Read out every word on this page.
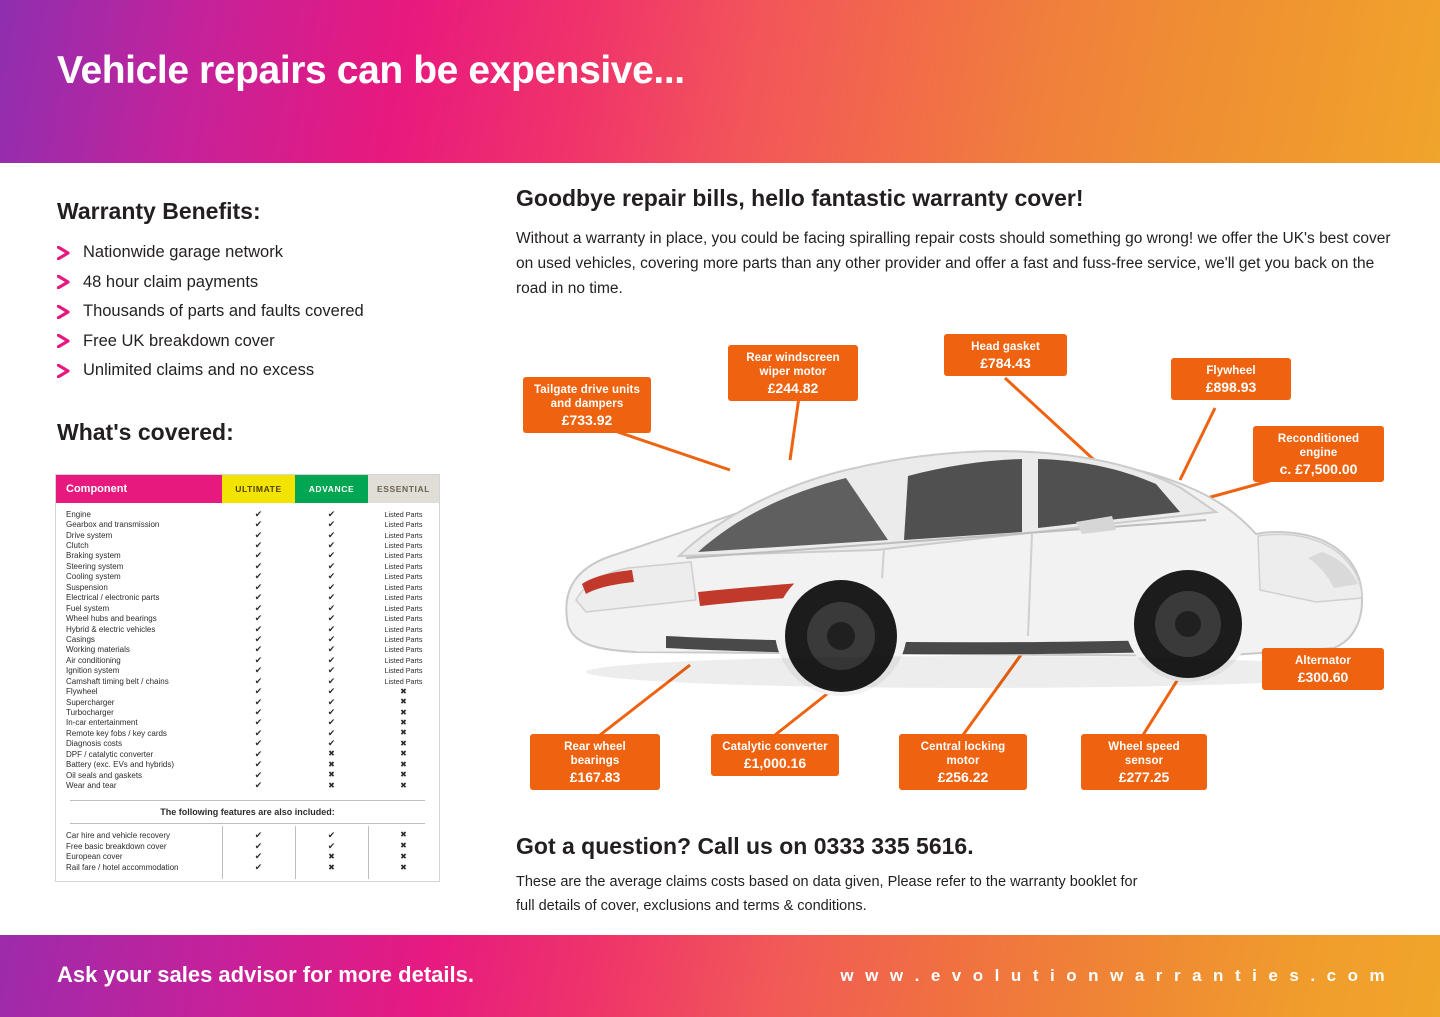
Vehicle repairs can be expensive...
Warranty Benefits:
Nationwide garage network
48 hour claim payments
Thousands of parts and faults covered
Free UK breakdown cover
Unlimited claims and no excess
What's covered:
Component	ULTIMATE	ADVANCE	ESSENTIAL
Engine	✔	✔	Listed Parts
Gearbox and transmission	✔	✔	Listed Parts
Drive system	✔	✔	Listed Parts
Clutch	✔	✔	Listed Parts
Braking system	✔	✔	Listed Parts
Steering system	✔	✔	Listed Parts
Cooling system	✔	✔	Listed Parts
Suspension	✔	✔	Listed Parts
Electrical / electronic parts	✔	✔	Listed Parts
Fuel system	✔	✔	Listed Parts
Wheel hubs and bearings	✔	✔	Listed Parts
Hybrid & electric vehicles	✔	✔	Listed Parts
Casings	✔	✔	Listed Parts
Working materials	✔	✔	Listed Parts
Air conditioning	✔	✔	Listed Parts
Ignition system	✔	✔	Listed Parts
Camshaft timing belt / chains	✔	✔	Listed Parts
Flywheel	✔	✔	✖
Supercharger	✔	✔	✖
Turbocharger	✔	✔	✖
In-car entertainment	✔	✔	✖
Remote key fobs / key cards	✔	✔	✖
Diagnosis costs	✔	✔	✖
DPF / catalytic converter	✔	✖	✖
Battery (exc. EVs and hybrids)	✔	✖	✖
Oil seals and gaskets	✔	✖	✖
Wear and tear	✔	✖	✖
The following features are also included:
Car hire and vehicle recovery	✔	✔	✖
Free basic breakdown cover	✔	✔	✖
European cover	✔	✖	✖
Rail fare / hotel accommodation	✔	✖	✖
Goodbye repair bills, hello fantastic warranty cover!
Without a warranty in place, you could be facing spiralling repair costs should something go wrong! we offer the UK's best cover on used vehicles, covering more parts than any other provider and offer a fast and fuss-free service, we'll get you back on the road in no time.
Tailgate drive units and dampers
£733.92
Rear windscreen wiper motor
£244.82
Head gasket
£784.43	Flywheel
£898.93
Reconditioned engine
c. £7,500.00
Alternator
£300.60
Rear wheel bearings
£167.83
Catalytic converter
£1,000.16
Central locking motor
£256.22
Wheel speed sensor
£277.25
Got a question? Call us on 0333 335 5616.
These are the average claims costs based on data given, Please refer to the warranty booklet for full details of cover, exclusions and terms & conditions.
Ask your sales advisor for more details.	w w w . e v o l u t i o n w a r r a n t i e s . c o m
